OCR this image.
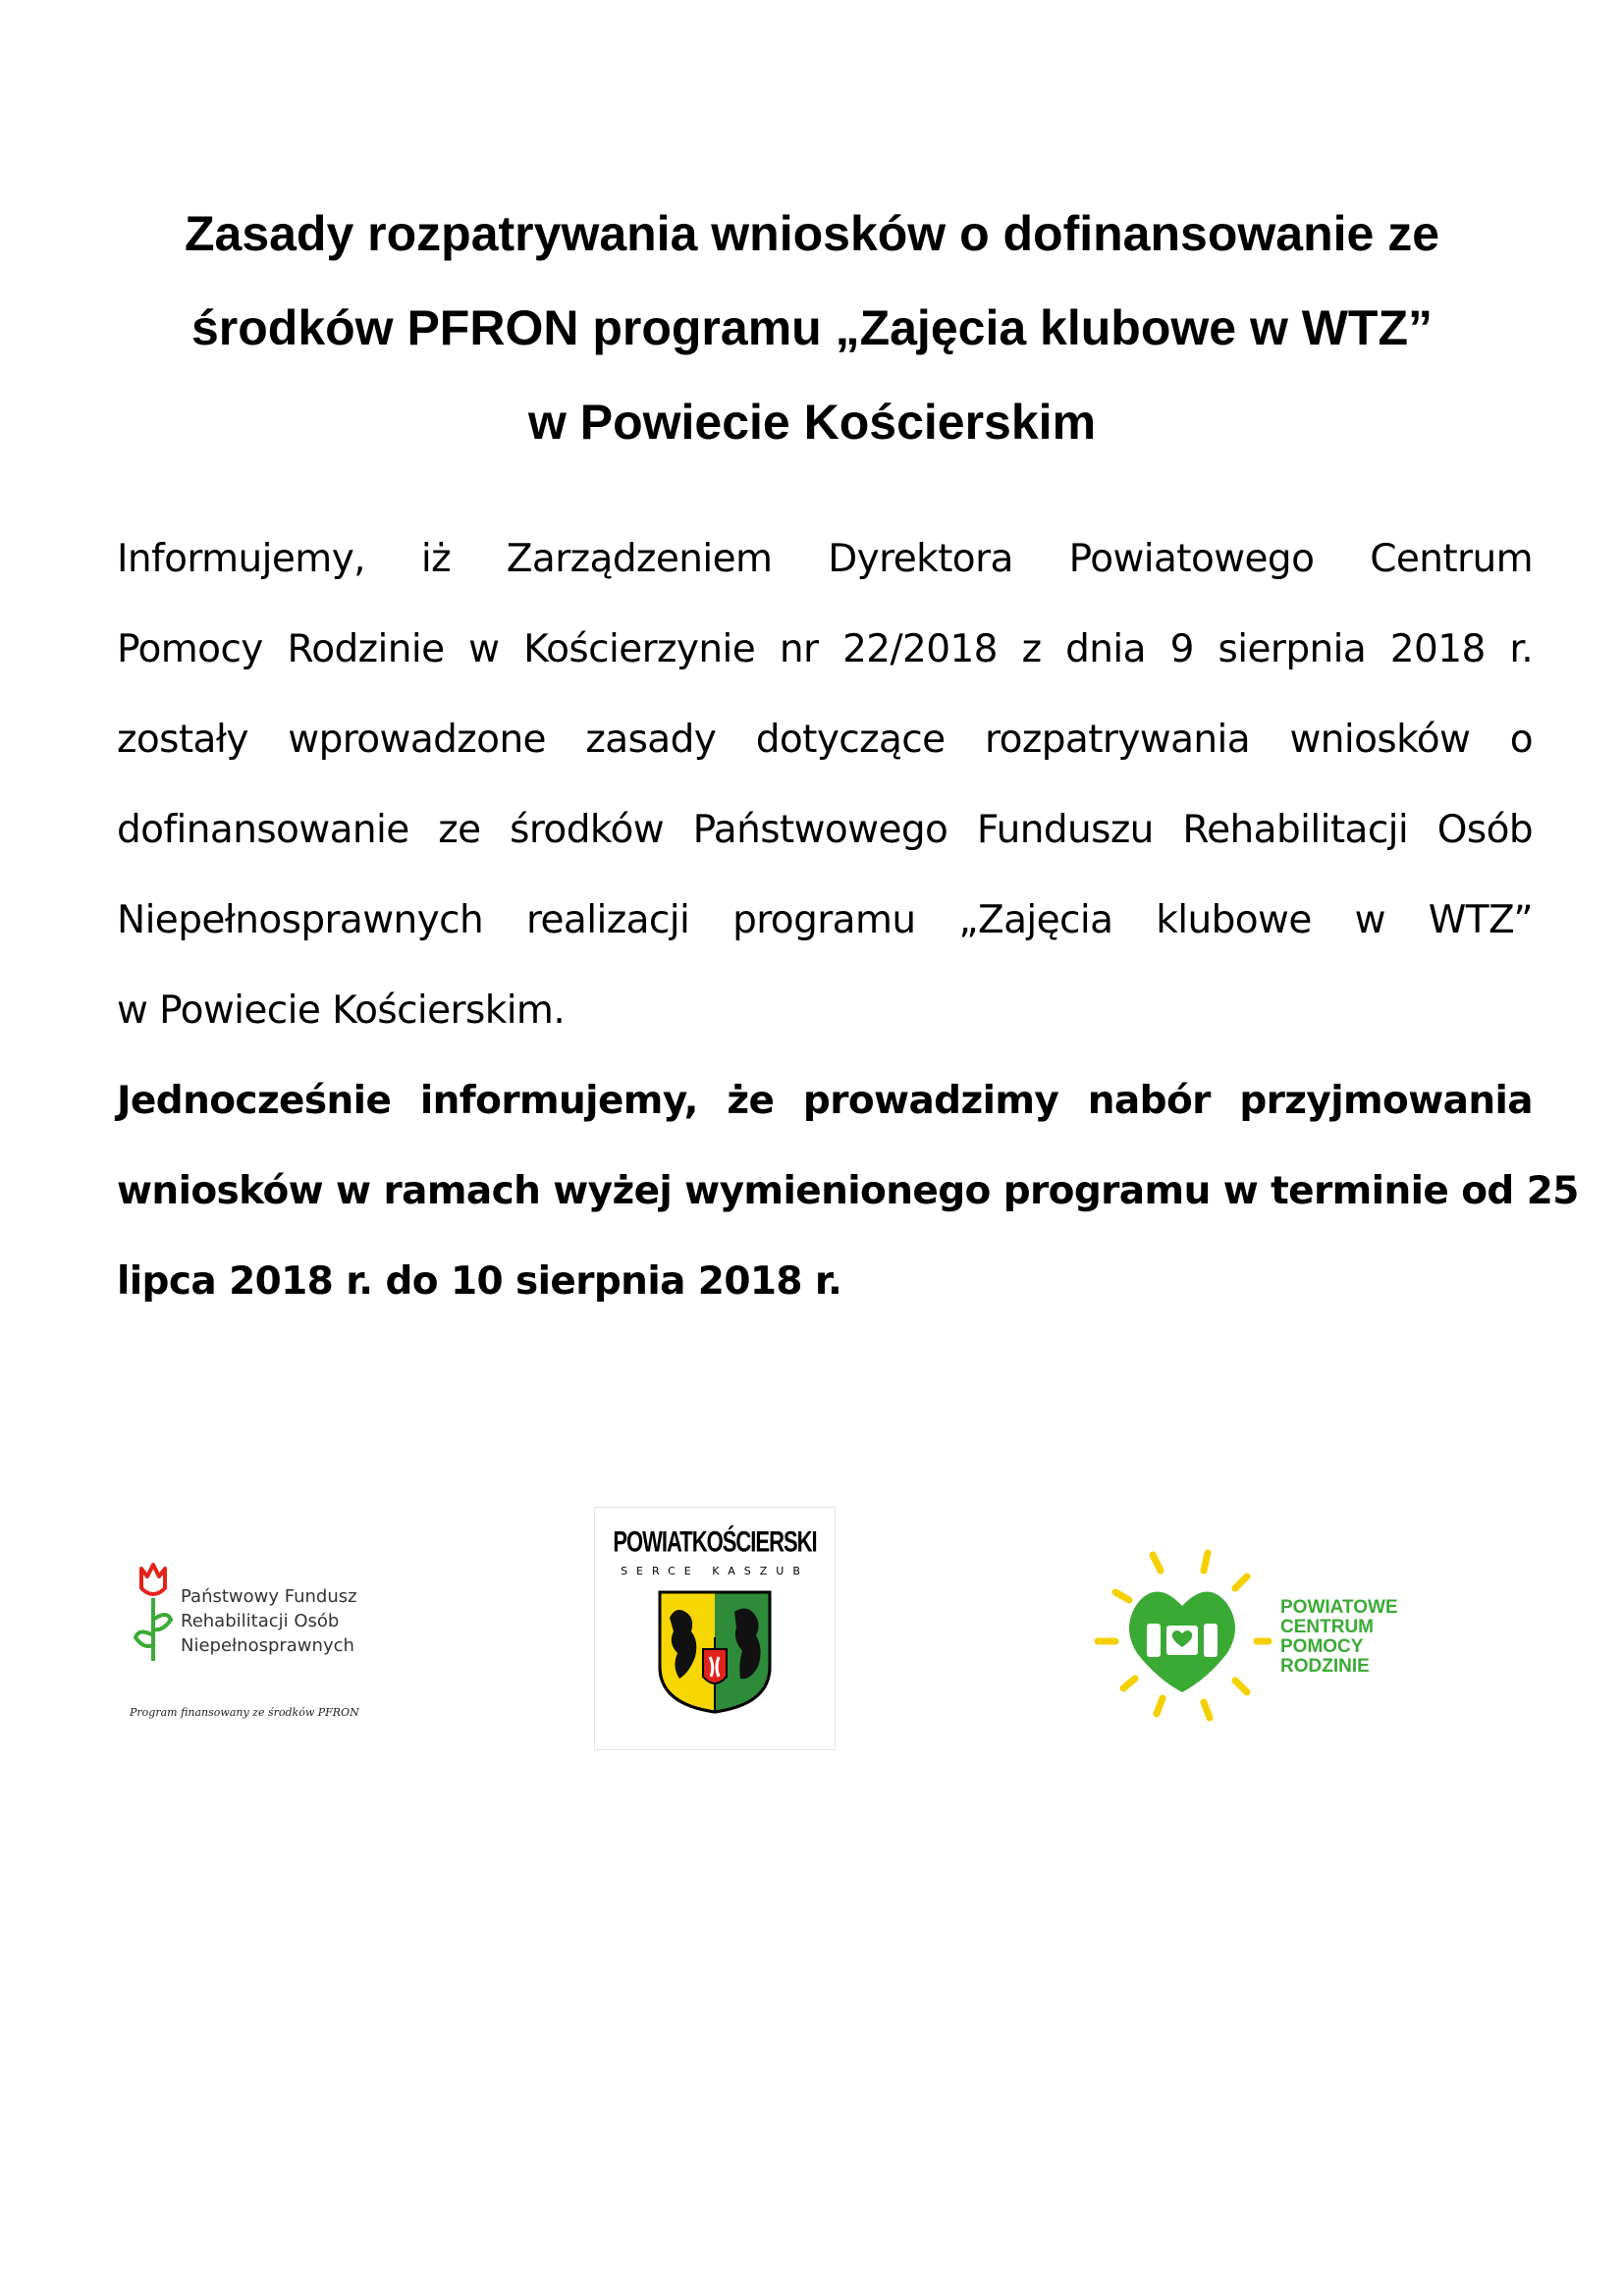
Zasady rozpatrywania wniosków o dofinansowanie ze
środków PFRON programu „Zajęcia klubowe w WTZ”
w Powiecie Kościerskim
Informujemy, iż Zarządzeniem Dyrektora Powiatowego Centrum
Pomocy Rodzinie w Kościerzynie nr 22/2018 z dnia 9 sierpnia 2018 r.
zostały wprowadzone zasady dotyczące rozpatrywania wniosków o
dofinansowanie ze środków Państwowego Funduszu Rehabilitacji Osób
Niepełnosprawnych realizacji programu „Zajęcia klubowe w WTZ”
w Powiecie Kościerskim.
Jednocześnie informujemy, że prowadzimy nabór przyjmowania
wniosków w ramach wyżej wymienionego programu w terminie od 25
lipca 2018 r. do 10 sierpnia 2018 r.
Państwowy Fundusz
Rehabilitacji Osób
Niepełnosprawnych
Program finansowany ze środków PFRON
POWIATKOŚCIERSKI
SERCE KASZUB
POWIATOWE
CENTRUM
POMOCY
RODZINIE
